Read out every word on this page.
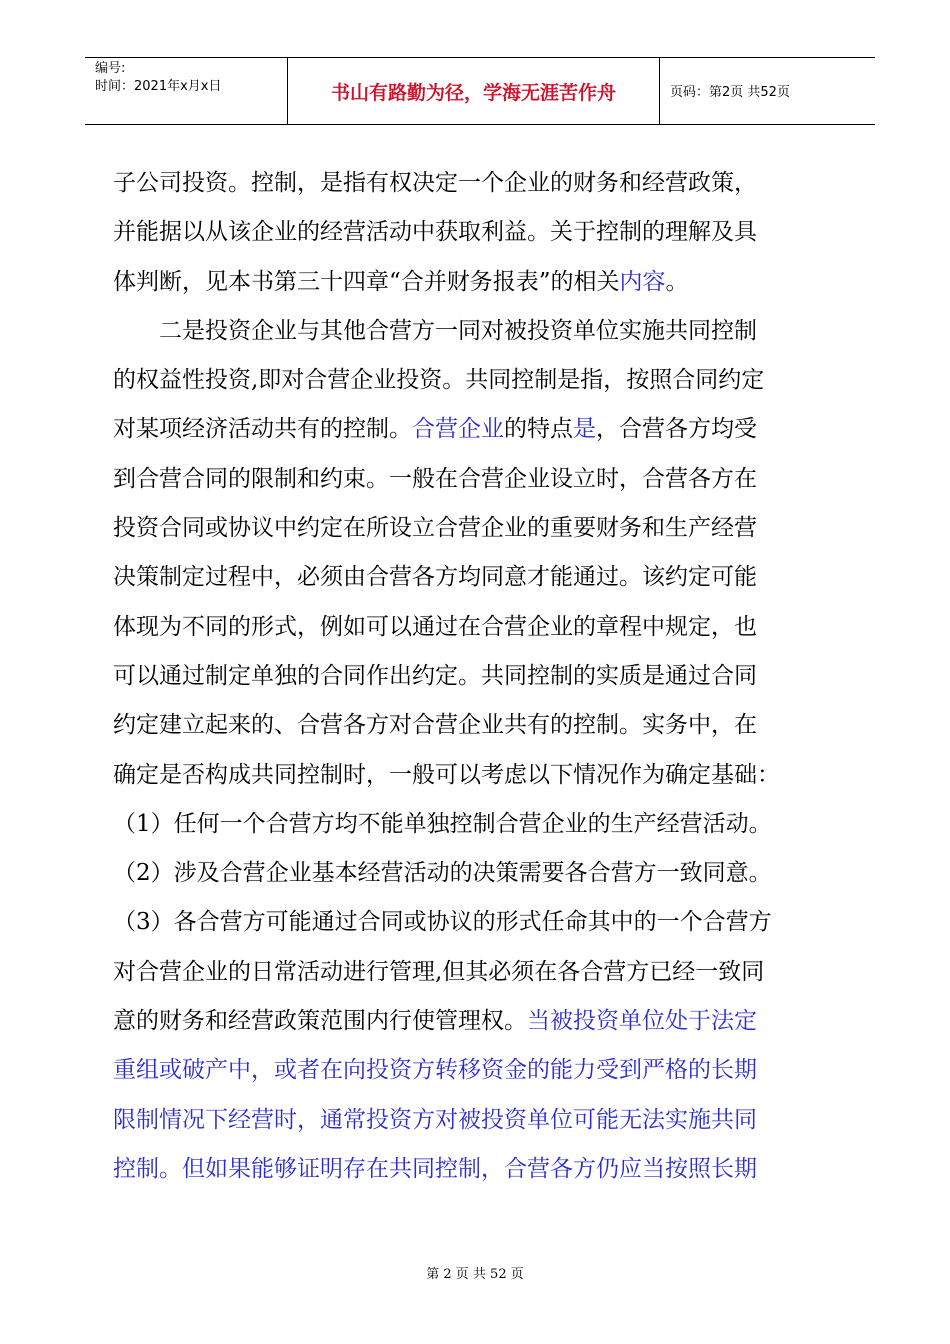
编号:
时间：2021年x月x日	书山有路勤为径，学海无涯苦作舟	页码：第2页 共52页
子公司投资。控制，是指有权决定一个企业的财务和经营政策，
并能据以从该企业的经营活动中获取利益。关于控制的理解及具
体判断，见本书第三十四章“合并财务报表”的相关内容。
二是投资企业与其他合营方一同对被投资单位实施共同控制
的权益性投资,即对合营企业投资。共同控制是指，按照合同约定
对某项经济活动共有的控制。合营企业的特点是，合营各方均受
到合营合同的限制和约束。一般在合营企业设立时，合营各方在
投资合同或协议中约定在所设立合营企业的重要财务和生产经营
决策制定过程中，必须由合营各方均同意才能通过。该约定可能
体现为不同的形式，例如可以通过在合营企业的章程中规定，也
可以通过制定单独的合同作出约定。共同控制的实质是通过合同
约定建立起来的、合营各方对合营企业共有的控制。实务中，在
确定是否构成共同控制时，一般可以考虑以下情况作为确定基础：
（1）任何一个合营方均不能单独控制合营企业的生产经营活动。
（2）涉及合营企业基本经营活动的决策需要各合营方一致同意。
（3）各合营方可能通过合同或协议的形式任命其中的一个合营方
对合营企业的日常活动进行管理,但其必须在各合营方已经一致同
意的财务和经营政策范围内行使管理权。当被投资单位处于法定
重组或破产中，或者在向投资方转移资金的能力受到严格的长期
限制情况下经营时，通常投资方对被投资单位可能无法实施共同
控制。但如果能够证明存在共同控制，合营各方仍应当按照长期
第 2 页 共 52 页
